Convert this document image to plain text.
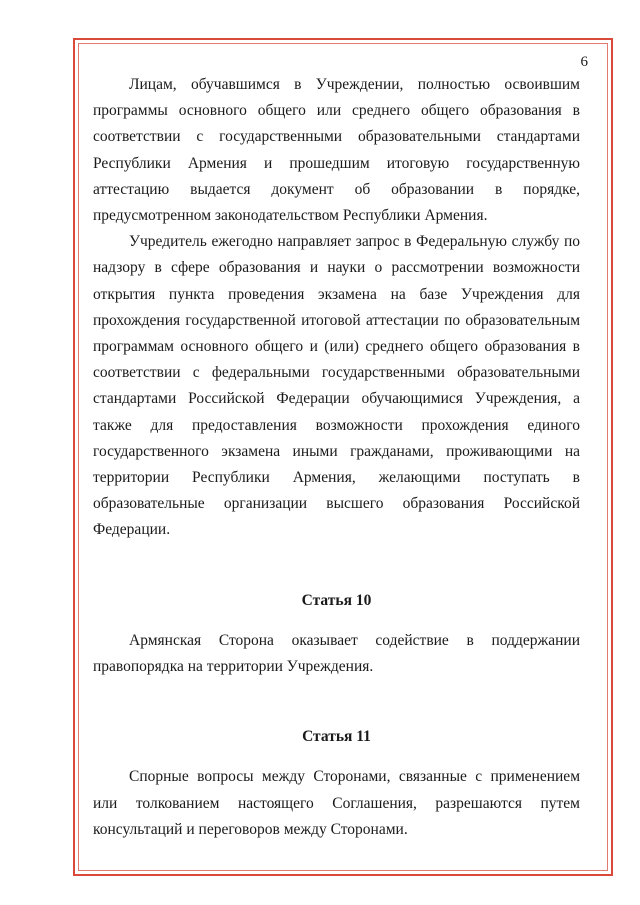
6

Лицам, обучавшимся в Учреждении, полностью освоившим программы основного общего или среднего общего образования в соответствии с государственными образовательными стандартами Республики Армения и прошедшим итоговую государственную аттестацию выдается документ об образовании в порядке, предусмотренном законодательством Республики Армения.

Учредитель ежегодно направляет запрос в Федеральную службу по надзору в сфере образования и науки о рассмотрении возможности открытия пункта проведения экзамена на базе Учреждения для прохождения государственной итоговой аттестации по образовательным программам основного общего и (или) среднего общего образования в соответствии с федеральными государственными образовательными стандартами Российской Федерации обучающимися Учреждения, а также для предоставления возможности прохождения единого государственного экзамена иными гражданами, проживающими на территории Республики Армения, желающими поступать в образовательные организации высшего образования Российской Федерации.

Статья 10

Армянская Сторона оказывает содействие в поддержании правопорядка на территории Учреждения.

Статья 11

Спорные вопросы между Сторонами, связанные с применением или толкованием настоящего Соглашения, разрешаются путем консультаций и переговоров между Сторонами.
